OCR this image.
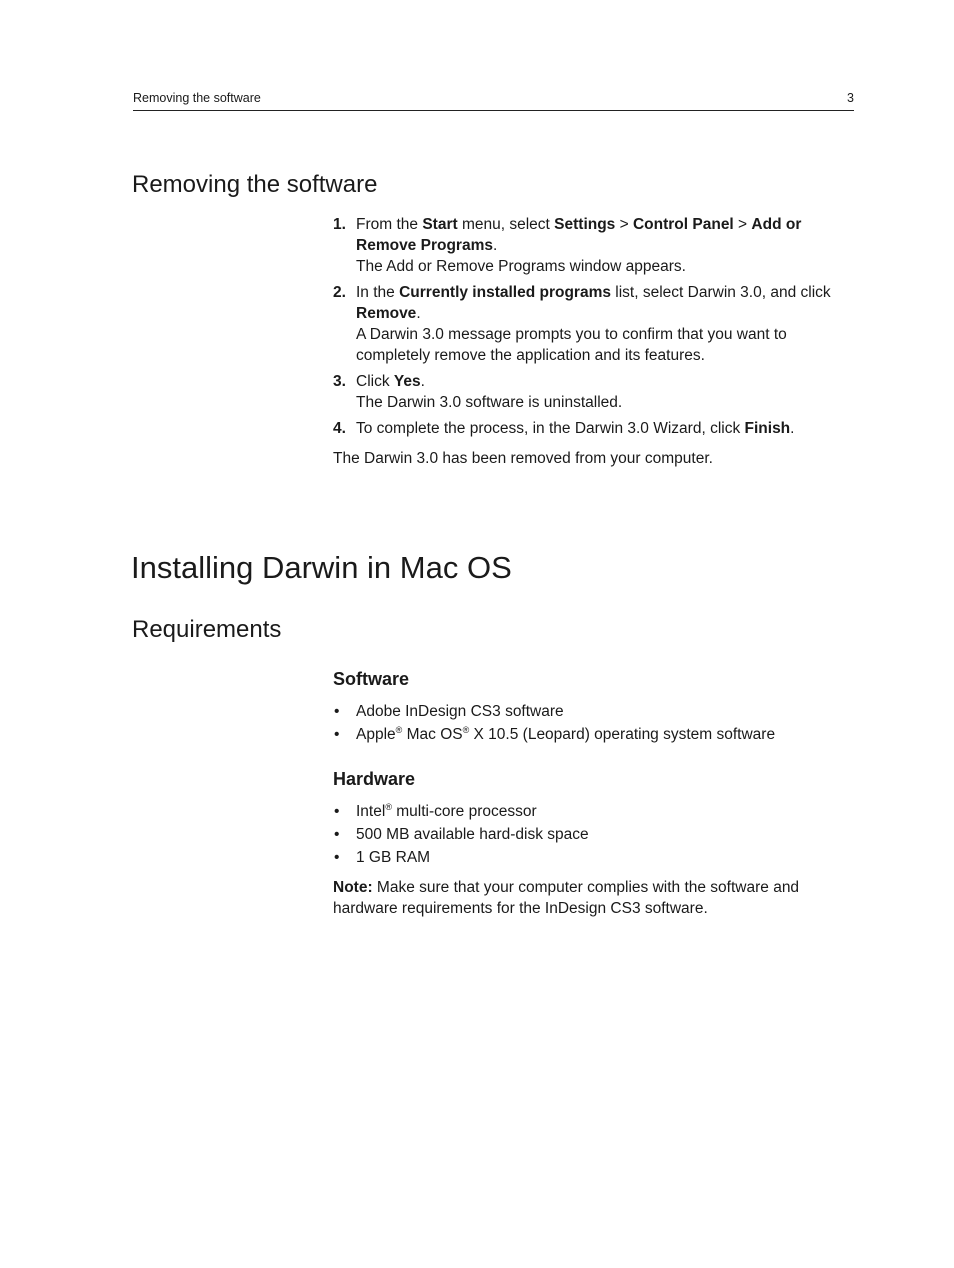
Removing the software	3
Removing the software
1. From the Start menu, select Settings > Control Panel > Add or Remove Programs.
The Add or Remove Programs window appears.
2. In the Currently installed programs list, select Darwin 3.0, and click Remove.
A Darwin 3.0 message prompts you to confirm that you want to completely remove the application and its features.
3. Click Yes.
The Darwin 3.0 software is uninstalled.
4. To complete the process, in the Darwin 3.0 Wizard, click Finish.

The Darwin 3.0 has been removed from your computer.

Installing Darwin in Mac OS
Requirements
Software
• Adobe InDesign CS3 software
• Apple® Mac OS® X 10.5 (Leopard) operating system software
Hardware
• Intel® multi-core processor
• 500 MB available hard-disk space
• 1 GB RAM

Note: Make sure that your computer complies with the software and hardware requirements for the InDesign CS3 software.
